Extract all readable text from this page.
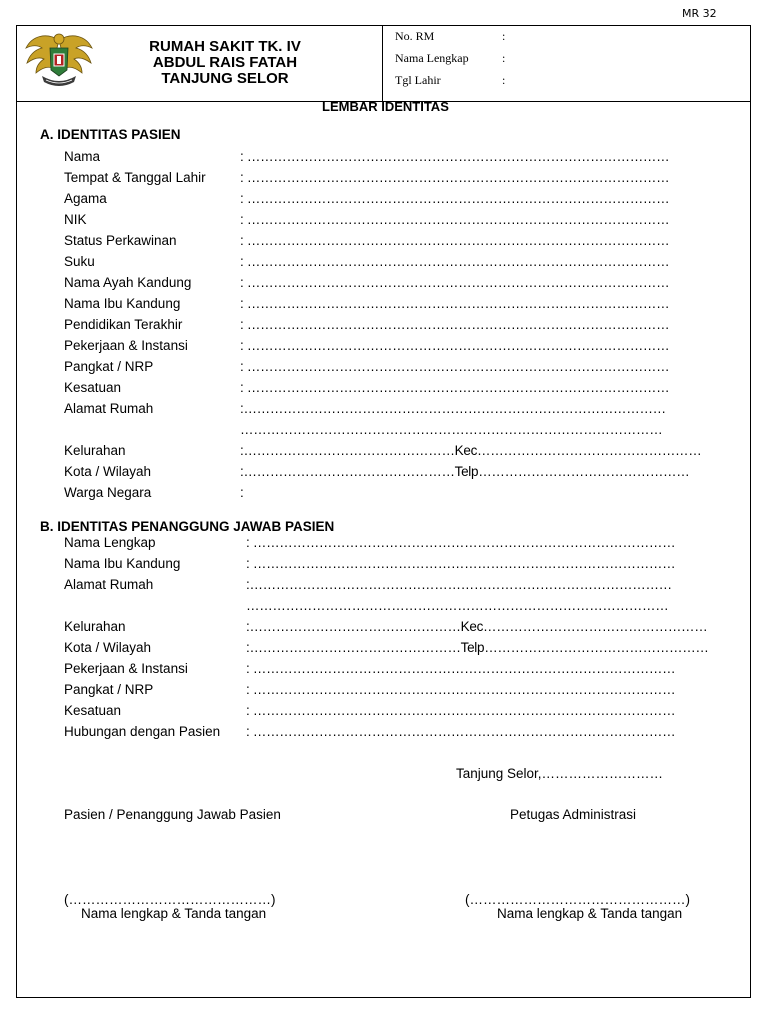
MR 32
RUMAH SAKIT TK. IV
ABDUL RAIS FATAH
TANJUNG SELOR
No. RM	:
Nama Lengkap	:
Tgl Lahir	:
LEMBAR IDENTITAS
A. IDENTITAS PASIEN
Nama	: ……………………………………………………………………………………
Tempat & Tanggal Lahir	: ……………………………………………………………………………………
Agama	: ……………………………………………………………………………………
NIK	: ……………………………………………………………………………………
Status Perkawinan	: ……………………………………………………………………………………
Suku	: ……………………………………………………………………………………
Nama Ayah Kandung	: ……………………………………………………………………………………
Nama Ibu Kandung	: ……………………………………………………………………………………
Pendidikan Terakhir	: ……………………………………………………………………………………
Pekerjaan & Instansi	: ……………………………………………………………………………………
Pangkat / NRP	: ……………………………………………………………………………………
Kesatuan	: ……………………………………………………………………………………
Alamat Rumah	:……………………………………………………………………………………
……………………………………………………………………………………
Kelurahan	:…………………………………………Kec……………………………………………
Kota / Wilayah	:…………………………………………Telp…………………………………………
Warga Negara	:
B. IDENTITAS PENANGGUNG JAWAB PASIEN
Nama Lengkap	: ……………………………………………………………………………………
Nama Ibu Kandung	: ……………………………………………………………………………………
Alamat Rumah	:……………………………………………………………………………………
……………………………………………………………………………………
Kelurahan	:…………………………………………Kec……………………………………………
Kota / Wilayah	:…………………………………………Telp……………………………………………
Pekerjaan & Instansi	: ……………………………………………………………………………………
Pangkat / NRP	: ……………………………………………………………………………………
Kesatuan	: ……………………………………………………………………………………
Hubungan dengan Pasien : ……………………………………………………………………………………
Tanjung Selor,………………………
Pasien / Penanggung Jawab Pasien	Petugas Administrasi
(………………………………………)	(…………………………………………)
Nama lengkap & Tanda tangan	Nama lengkap & Tanda tangan
